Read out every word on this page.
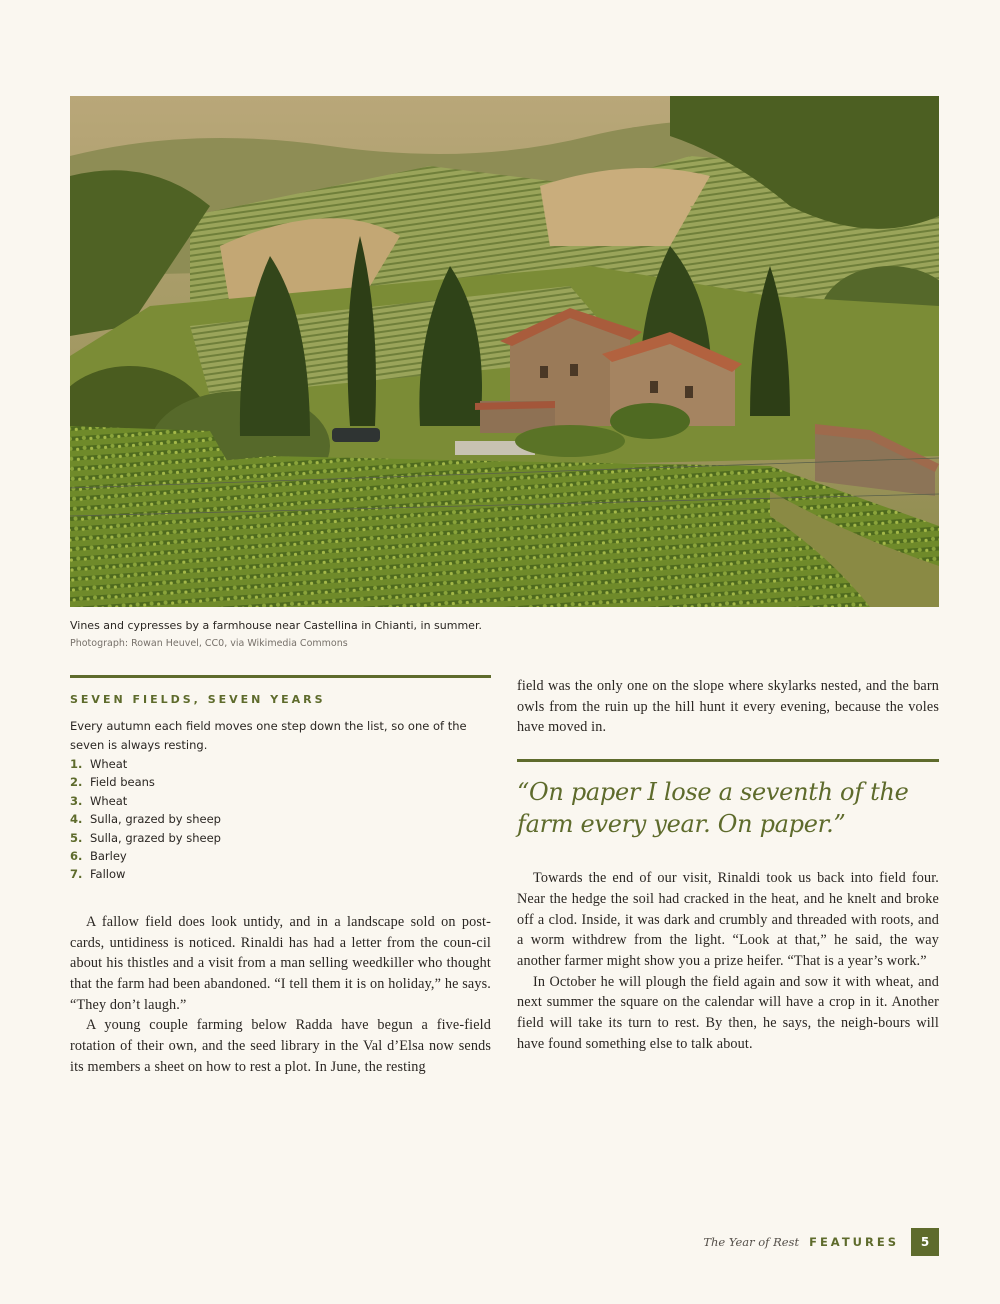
Vines and cypresses by a farmhouse near Castellina in Chianti, in summer.
Photograph: Rowan Heuvel, CC0, via Wikimedia Commons

SEVEN FIELDS, SEVEN YEARS

Every autumn each field moves one step down the list, so one of the seven is always resting.

1. Wheat
2. Field beans
3. Wheat
4. Sulla, grazed by sheep
5. Sulla, grazed by sheep
6. Barley
7. Fallow

A fallow field does look untidy, and in a landscape sold on post-cards, untidiness is noticed. Rinaldi has had a letter from the coun-cil about his thistles and a visit from a man selling weedkiller who thought that the farm had been abandoned. “I tell them it is on holiday,” he says. “They don’t laugh.”

A young couple farming below Radda have begun a five-field rotation of their own, and the seed library in the Val d’Elsa now sends its members a sheet on how to rest a plot. In June, the resting

field was the only one on the slope where skylarks nested, and the barn owls from the ruin up the hill hunt it every evening, because the voles have moved in.

“On paper I lose a seventh of the farm every year. On paper.”

Towards the end of our visit, Rinaldi took us back into field four. Near the hedge the soil had cracked in the heat, and he knelt and broke off a clod. Inside, it was dark and crumbly and threaded with roots, and a worm withdrew from the light. “Look at that,” he said, the way another farmer might show you a prize heifer. “That is a year’s work.”

In October he will plough the field again and sow it with wheat, and next summer the square on the calendar will have a crop in it. Another field will take its turn to rest. By then, he says, the neigh-bours will have found something else to talk about.

The Year of Rest FEATURES	5
